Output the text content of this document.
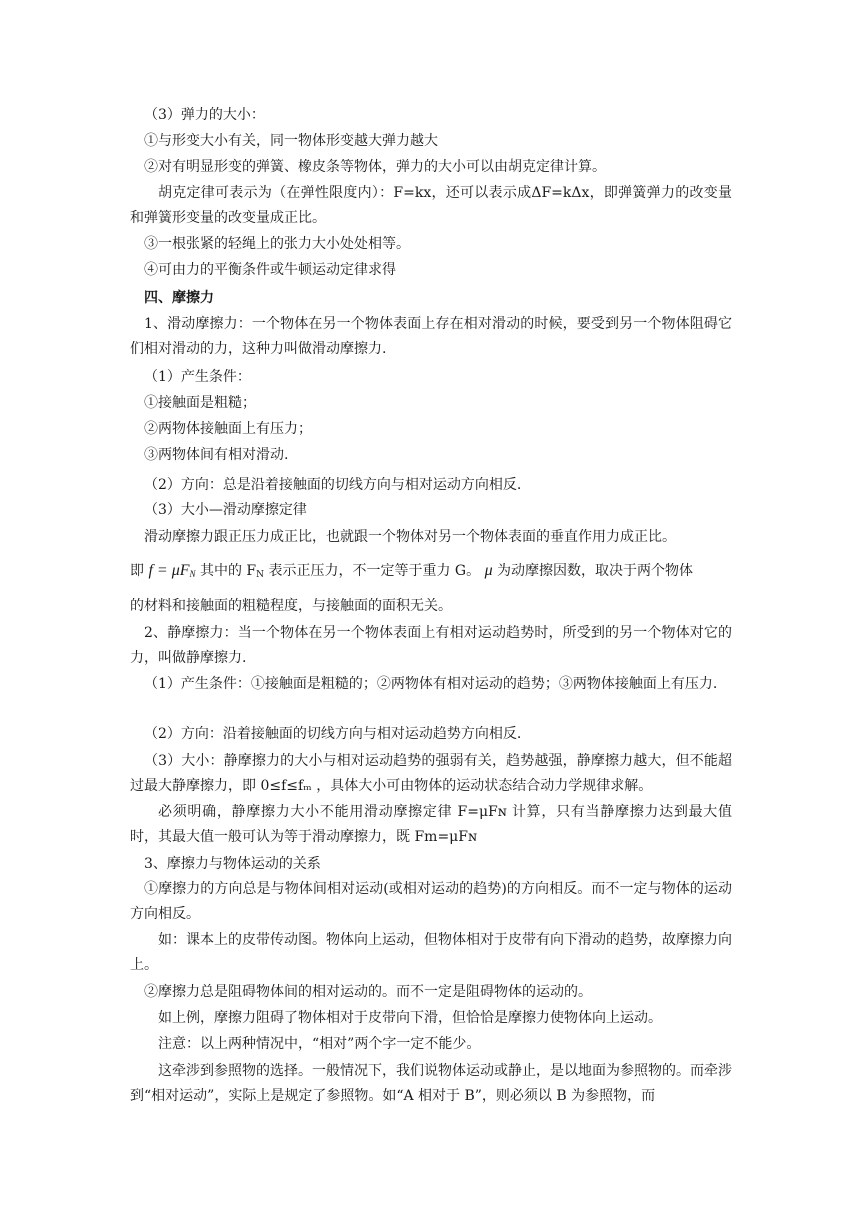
（3）弹力的大小：
①与形变大小有关，同一物体形变越大弹力越大
②对有明显形变的弹簧、橡皮条等物体，弹力的大小可以由胡克定律计算。
胡克定律可表示为（在弹性限度内）：F=kx，还可以表示成ΔF=kΔx，即弹簧弹力的改变量和弹簧形变量的改变量成正比。
③一根张紧的轻绳上的张力大小处处相等。
④可由力的平衡条件或牛顿运动定律求得
四、摩擦力
1、滑动摩擦力：一个物体在另一个物体表面上存在相对滑动的时候，要受到另一个物体阻碍它们相对滑动的力，这种力叫做滑动摩擦力.
（1）产生条件：
①接触面是粗糙；
②两物体接触面上有压力；
③两物体间有相对滑动.
（2）方向：总是沿着接触面的切线方向与相对运动方向相反.
（3）大小—滑动摩擦定律
滑动摩擦力跟正压力成正比，也就跟一个物体对另一个物体表面的垂直作用力成正比。
即 $f = \mu F_N$ 其中的 $F_N$ 表示正压力，不一定等于重力 G。 μ 为动摩擦因数，取决于两个物体
的材料和接触面的粗糙程度，与接触面的面积无关。
2、静摩擦力：当一个物体在另一个物体表面上有相对运动趋势时，所受到的另一个物体对它的力，叫做静摩擦力.
（1）产生条件：①接触面是粗糙的；②两物体有相对运动的趋势；③两物体接触面上有压力.
（2）方向：沿着接触面的切线方向与相对运动趋势方向相反.
（3）大小：静摩擦力的大小与相对运动趋势的强弱有关，趋势越强，静摩擦力越大，但不能超过最大静摩擦力，即 0≤f≤fₘ ，具体大小可由物体的运动状态结合动力学规律求解。
必须明确，静摩擦力大小不能用滑动摩擦定律 F=μFɴ 计算，只有当静摩擦力达到最大值时，其最大值一般可认为等于滑动摩擦力，既 Fm=μFɴ
3、摩擦力与物体运动的关系
①摩擦力的方向总是与物体间相对运动(或相对运动的趋势)的方向相反。而不一定与物体的运动方向相反。
如：课本上的皮带传动图。物体向上运动，但物体相对于皮带有向下滑动的趋势，故摩擦力向上。
②摩擦力总是阻碍物体间的相对运动的。而不一定是阻碍物体的运动的。
如上例，摩擦力阻碍了物体相对于皮带向下滑，但恰恰是摩擦力使物体向上运动。
注意：以上两种情况中，“相对”两个字一定不能少。
这牵涉到参照物的选择。一般情况下，我们说物体运动或静止，是以地面为参照物的。而牵涉到“相对运动”，实际上是规定了参照物。如“A 相对于 B”，则必须以 B 为参照物，而
